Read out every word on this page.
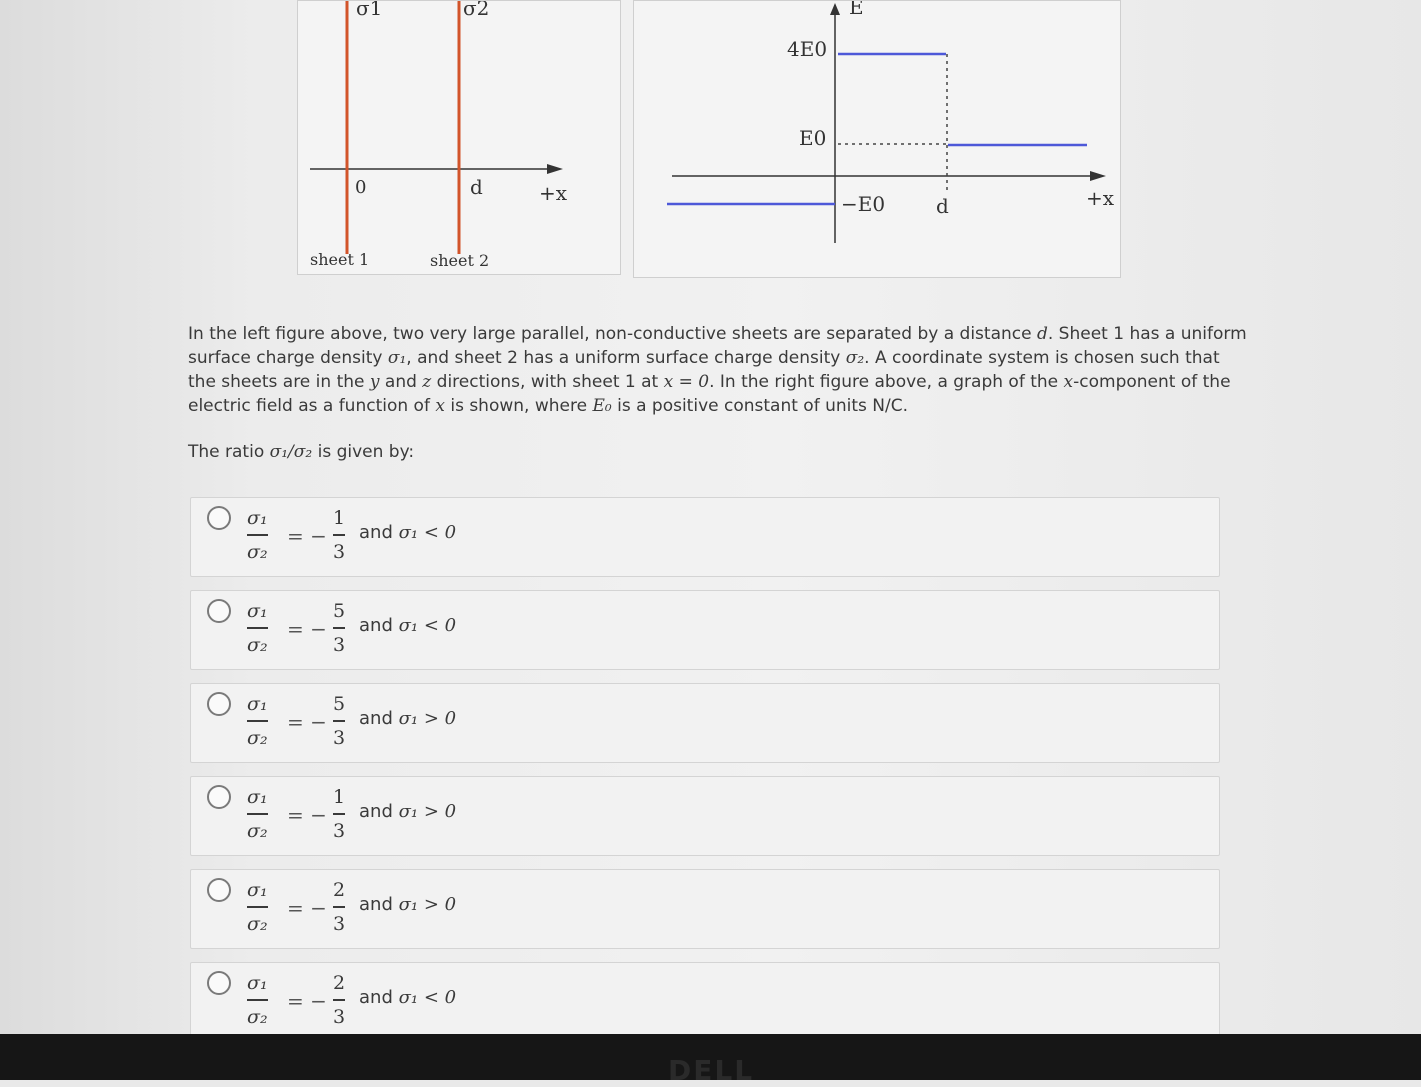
σ1	σ2
0	d	+x
sheet 1	sheet 2
E
4E0
E0
−E0	d	+x
In the left figure above, two very large parallel, non-conductive sheets are separated by a distance d. Sheet 1 has a uniform surface charge density σ₁, and sheet 2 has a uniform surface charge density σ₂. A coordinate system is chosen such that the sheets are in the y and z directions, with sheet 1 at x = 0. In the right figure above, a graph of the x-component of the electric field as a function of x is shown, where E₀ is a positive constant of units N/C.
The ratio σ₁/σ₂ is given by:
σ₁
σ₂
= −
1
3
and σ₁ < 0
σ₁
σ₂
= −
5
3
and σ₁ < 0
σ₁
σ₂
= −
5
3
and σ₁ > 0
σ₁
σ₂
= −
1
3
and σ₁ > 0
σ₁
σ₂
= −
2
3
and σ₁ > 0
σ₁
σ₂
= −
2
3
and σ₁ < 0
DELL
